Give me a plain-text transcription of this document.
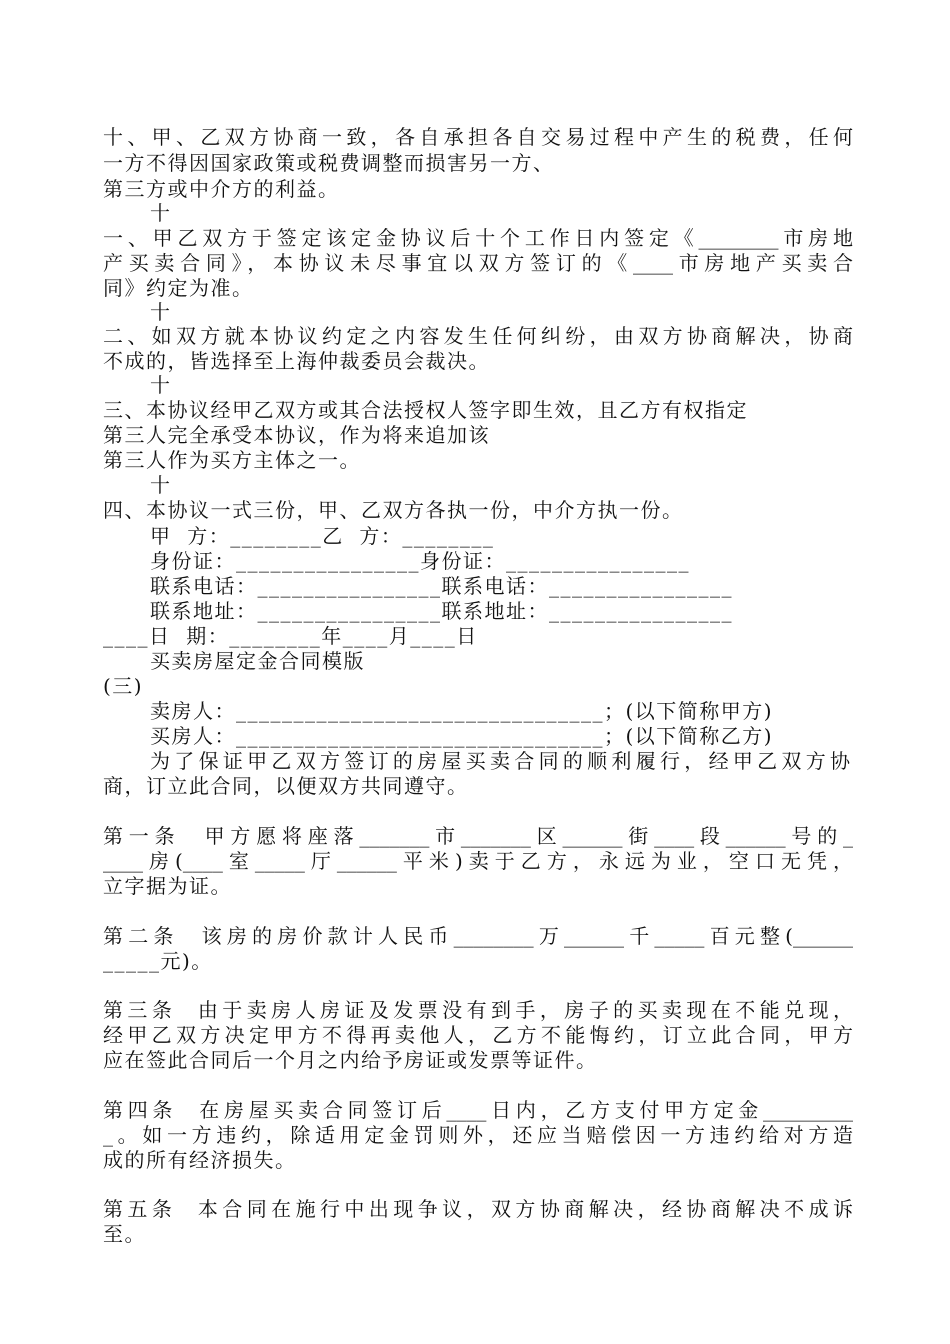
十、甲、乙双方协商一致，各自承担各自交易过程中产生的税费，任何
一方不得因国家政策或税费调整而损害另一方、
第三方或中介方的利益。
十
一、甲乙双方于签定该定金协议后十个工作日内签定《________市房地
产买卖合同》，本协议未尽事宜以双方签订的《____市房地产买卖合
同》约定为准。
十
二、如双方就本协议约定之内容发生任何纠纷，由双方协商解决，协商
不成的，皆选择至上海仲裁委员会裁决。
十
三、本协议经甲乙双方或其合法授权人签字即生效，且乙方有权指定
第三人完全承受本协议，作为将来追加该
第三人作为买方主体之一。
十
四、本协议一式三份，甲、乙双方各执一份，中介方执一份。
甲  方：________乙  方：________
身份证：________________身份证：________________
联系电话：________________联系电话：________________
联系地址：________________联系地址：________________
____日  期：________年____月____日
买卖房屋定金合同模版
(三)
卖房人：________________________________；(以下简称甲方)
买房人：________________________________；(以下简称乙方)
为了保证甲乙双方签订的房屋买卖合同的顺利履行，经甲乙双方协
商，订立此合同，以便双方共同遵守。
第一条  甲方愿将座落_______市_______区______街____段______号的_
____房(____室_____厅______平米)卖于乙方，永远为业，空口无凭，
立字据为证。
第二条  该房的房价款计人民币________万______千_____百元整(______
_____元)。
第三条  由于卖房人房证及发票没有到手，房子的买卖现在不能兑现，
经甲乙双方决定甲方不得再卖他人，乙方不能悔约，订立此合同，甲方
应在签此合同后一个月之内给予房证或发票等证件。
第四条  在房屋买卖合同签订后____日内，乙方支付甲方定金_________
_。如一方违约，除适用定金罚则外，还应当赔偿因一方违约给对方造
成的所有经济损失。
第五条  本合同在施行中出现争议，双方协商解决，经协商解决不成诉
至。
